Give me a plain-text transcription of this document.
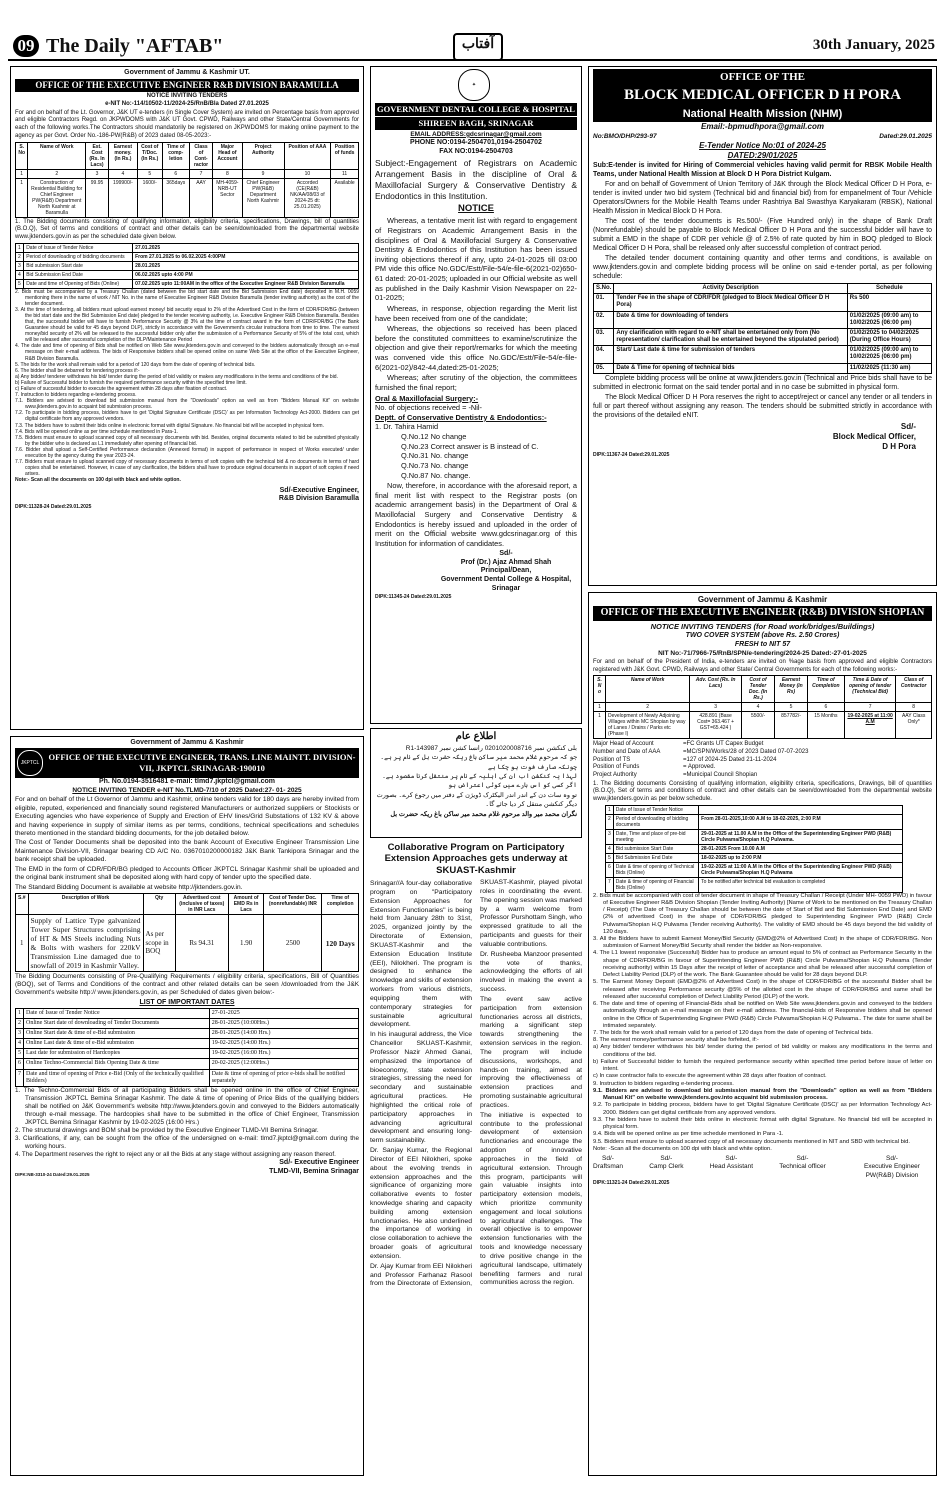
09 The Daily "AFTAB"	آفتاب	30th January, 2025
Government of Jammu & Kashmir UT.
OFFICE OF THE EXECUTIVE ENGINEER R&B DIVISION BARAMULLA
NOTICE INVITING TENDERS
e-NIT No:-114/10502-11/2024-25/RnB/Bla Dated 27.01.2025

For and on behalf of the Lt. Governor, J&K UT e-tenders (in Single Cover System) are invited on Percentage basis from approved and eligible Contractors Regd. on JKPWDOMS with J&K UT Govt. CPWD, Railways and other State/Central Governments for each of the following works.The Contractors should mandatorily be registered on JKPWDOMS for making online payment to the agency as per Govt. Order No.-186-PW(R&B) of 2023 dated 08-05-2023:-

S. No	Name of Work	Est. Cost (Rs. In Lacs)	Earnest money. (In Rs.)	Cost of T/Doc. (In Rs.)	Time of comp-letion	Class of Cont-ractor	Major Head of Account	Project Authority	Position of AAA	Position of funds
1	2	3	4	5	6	7	8	9	10	11
1	Construction of Residential Building for Chief Engineer PW(R&B) Department North Kashmir at Baramulla	99.95	199900/-	1600/-	365days	AAY	MH-4059-NRB-UT Sector	Chief Engineer PW(R&B) Department North Kashmir	Accorded (CE(R&B) NK/AA/08/03 of 2024-25 dt: 25.01.2025)	Available

1. The Bidding documents consisting of qualifying information, eligibility criteria, specifications, Drawings, bill of quantities (B.O.Q), Set of terms and conditions of contract and other details can be seen/downloaded from the departmental website www.jktenders.gov.in as per the scheduled date given below.

1	Date of Issue of Tender Notice	27.01.2025
2	Period of downloading of bidding documents	From 27.01.2025 to 06.02.2025 4:00PM
3	Bid submission Start date	28.01.2025
4	Bid Submission End Date	06.02.2025 upto 4:00 PM
5	Date and time of Opening of Bids (Online)	07.02.2025 upto 11:00AM in the office of the Executive Engineer R&B Division Baramulla
2. Bids must be accompanied by a Treasury Challan (dated between the bid start date and the Bid Submission End date) deposited in M.H. 0059 mentioning there in the name of work / NIT No. in the name of Executive Engineer R&B Division Baramulla (tender inviting authority) as the cost of the tender document.
3. At the time of tendering, all bidders must upload earnest money/ bid security equal to 2% of the Advertised Cost in the form of CDR/FDR/BG (between the bid start date and the Bid Submission End date) pledged to the tender receiving authority, i.e. Executive Engineer R&B Division Baramulla. Besides that, the successful bidder will have to furnish Performance Security @ 3% at the time of contract award in the form of CDR/FDR/BG (The Bank Guarantee should be valid for 45 days beyond DLP), strictly in accordance with the Government's circular instructions from time to time. The earnest money/bid security of 2% will be released to the successful bidder only after the submission of a Performance Security of 5% of the total cost, which will be released after successful completion of the DLP/Maintenance Period
4. The date and time of opening of Bids shall be notified on Web Site www.jktenders.gov.in and conveyed to the bidders automatically through an e-mail message on their e-mail address. The bids of Responsive bidders shall be opened online on same Web Site at the office of the Executive Engineer, R&B Division Baramulla.
5. The bids for the work shall remain valid for a period of 120 days from the date of opening of technical bids.
6. The bidder shall be debarred for tendering process if:-
a) Any bidder/ tenderer withdraws his bid/ tender during the period of bid validity or makes any modifications in the terms and conditions of the bid.
b) Failure of Successful bidder to furnish the required performance security within the specified time limit.
c) Failure of successful bidder to execute the agreement within 28 days after fixation of contract.
7. Instruction to bidders regarding e-tendering process.
7.1. Bidders are advised to download bid submission manual from the "Downloads" option as well as from "Bidders Manual Kit" on website www.jktenders.gov.in to acquaint bid submission process.
7.2. To participate in bidding process, bidders have to get 'Digital Signature Certificate (DSC)' as per Information Technology Act-2000. Bidders can get digital certificate from any approved vendors.
7.3. The bidders have to submit their bids online in electronic format with digital Signature. No financial bid will be accepted in physical form.
7.4. Bids will be opened online as per time schedule mentioned in Para-1.
7.5. Bidders must ensure to upload scanned copy of all necessary documents with bid. Besides, original documents related to bid be submitted physically by the bidder who is declared as L1 immediately after opening of financial bid.
7.6. Bidder shall upload a Self-Certified Performance declaration (Annexed format) in support of performance in respect of Works executed/ under execution by the agency during the year 2023-24.
7.7. Bidders must ensure to upload scanned copy of necessary documents in terms of soft copies with the technical bid & no documents in terms of hard copies shall be entertained. However, in case of any clarification, the bidders shall have to produce original documents in support of soft copies if need arises.
Note:- Scan all the documents on 100 dpi with black and white option.
Sd/-Executive Engineer,
R&B Division Baramulla
DIPK:11328-24 Dated:29.01.2025
Government of Jammu & Kashmir
JKPTCL
OFFICE OF THE EXECUTIVE ENGINEER, TRANS. LINE MAINTT. DIVISION-VII, JKPTCL SRINAGAR-190010
Ph. No.0194-3516481 e-mail: tlmd7.jkptcl@gmail.com
NOTICE INVITING TENDER e-NIT No.TLMD-7/10 of 2025 Dated:27- 01- 2025

For and on behalf of the Lt Governor of Jammu and Kashmir, online tenders valid for 180 days are hereby invited from eligible, reputed, experienced and financially sound registered Manufacturers or authorized suppliers or Stockists or Executing agencies who have experience of Supply and Erection of EHV lines/Grid Substations of 132 KV & above and having experience in supply of similar items as per terms, conditions, technical specifications and schedules thereto mentioned in the standard bidding documents, for the job detailed below.

The Cost of Tender Documents shall be deposited into the bank Account of Executive Engineer Transmission Line Maintenance Division-VII, Srinagar bearing CD A/C No. 0367010200000182 J&K Bank Tankipora Srinagar and the bank receipt shall be uploaded.

The EMD in the form of CDR/FDR/BG pledged to Accounts Officer JKPTCL Srinagar Kashmir shall be uploaded and the original bank instrument shall be deposited along with hard copy of tender upto the specified date.

The Standard Bidding Document is available at website http://jktenders.gov.in.

S.#	Description of Work	Qty	Advertised cost (inclusive of taxes) in INR Lacs	Amount of EMD Rs in Lacs	Cost of Tender Doc. (nonrefundable) INR	Time of completion
1	Supply of Lattice Type galvanized Tower Super Structures comprising of HT & MS Steels including Nuts & Bolts with washers for 220kV Transmission Line damaged due to snowfall of 2019 in Kashmir Valley.	As per scope in BOQ	Rs 94.31	1.90	2500	120 Days

The Bidding Documents consisting of Pre-Qualifying Requirements / eligibility criteria, specifications, Bill of Quantities (BOQ), set of Terms and Conditions of the contract and other related details can be seen /downloaded from the J&K Government's website http:// www.jktenders.gov.in, as per Scheduled of dates given below:-

LIST OF IMPORTANT DATES
1	Date of Issue of Tender Notice	27-01-2025
2	Online Start date of downloading of Tender Documents	28-01-2025 (10:00Hrs.)
3	Online Start date & time of e-Bid submission	28-01-2025 (14:00 Hrs.)
4	Online Last date & time of e-Bid submission	19-02-2025 (14:00 Hrs.)
5	Last date for submission of Hardcopies	19-02-2025 (16:00 Hrs.)
6	Online Techno-Commercial Bids Opening Date & time	20-02-2025 (12:00Hrs.)
7	Date and time of opening of Price e-Bid (Only of the technically qualified Bidders)	Date & time of opening of price e-bids shall be notified separately
1. The Techno-Commercial Bids of all participating Bidders shall be opened online in the office of Chief Engineer, Transmission JKPTCL Bemina Srinagar Kashmir. The date & time of opening of Price Bids of the qualifying bidders shall be notified on J&K Government's website http://www.jktenders.gov.in and conveyed to the Bidders automatically through e-mail message. The hardcopies shall have to be submitted in the office of Chief Engineer, Transmission JKPTCL Bemina Srinagar Kashmir by 19-02-2025 (16:00 Hrs.)
2. The structural drawings and BOM shall be provided by the Executive Engineer TLMD-VII Bemina Srinagar.
3. Clarifications, if any, can be sought from the office of the undersigned on e-mail: tlmd7.jkptcl@gmail.com during the working hours.
4. The Department reserves the right to reject any or all the Bids at any stage without assigning any reason thereof.
DIPK:NB-3310-24 Dated:29.01.2025
Sd/- Executive Engineer
TLMD-VII, Bemina Srinagar
✦
GOVERNMENT DENTAL COLLEGE & HOSPITAL
SHIREEN BAGH, SRINAGAR
EMAIL ADDRESS:gdcsrinagar@gmail.com
PHONE NO:0194-2504701,0194-2504702
FAX NO:0194-2504703

Subject:-Engagement of Registrars on Academic Arrangement Basis in the discipline of Oral & Maxillofacial Surgery & Conservative Dentistry & Endodontics in this Institution.

NOTICE

Whereas, a tentative merit list with regard to engagement of Registrars on Academic Arrangement Basis in the disciplines of Oral & Maxillofacial Surgery & Conservative Dentistry & Endodontics of this Institution has been issued inviting objections thereof if any, upto 24-01-2025 till 03:00 PM vide this office No.GDC/Estt/File-54/e-file-6(2021-02)650-61 dated: 20-01-2025; uploaded in our Official website as well as published in the Daily Kashmir Vision Newspaper on 22-01-2025;

Whereas, in response, objection regarding the Merit list have been received from one of the candidate;

Whereas, the objections so received has been placed before the constituted committees to examine/scrutinize the objection and give their report/remarks for which the meeting was convened vide this office No.GDC/Estt/File-54/e-file-6(2021-02)/842-44,dated:25-01-2025;

Whereas; after scrutiny of the objection, the committees furnished the final report;

Oral & Maxillofacial Surgery:-
No. of objections received = -Nil-
Deptt. of Conservative Dentistry & Endodontics:-
1. Dr. Tahira Hamid
Q.No.12 No change
Q.No.23 Correct answer is B instead of C.
Q.No.31 No. change
Q.No.73 No. change
Q.No.87 No. change.

Now, therefore, in accordance with the aforesaid report, a final merit list with respect to the Registrar posts (on academic arrangement basis) in the Department of Oral & Maxillofacial Surgery and Conservative Dentistry & Endodontics is hereby issued and uploaded in the order of merit on the Official website www.gdcsrinagar.org of this Institution for information of candidates.

Sd/-
Prof (Dr.) Ajaz Ahmad Shah
Principal/Dean,
Government Dental College & Hospital,
Srinagar
DIPK:11345-24 Dated:29.01.2025
اطلاع عام
بلی کنکشن نمبر 0201020008716 رانسا کشن نمبر 143987-R1
جو کہ مرحوم غلام محمد میر ساکن باغ ریکہ حضرت بل کے نام پر ہے۔ چونکہ صارف فوت ہو چکا ہے
لہذا یہ کنکشن اب ان کی اہلیہ کے نام پر منتقل کرنا مقصود ہے۔ اگر کسی کو اس بارے میں کوئی اعتراض ہو
تو وہ سات دن کے اندر اندر الیکٹرک ڈویژن کے دفتر میں رجوع کرے۔ بصورت دیگر کنکشن منتقل کر دیا جائے گا۔
نگران محمد میر والد مرحوم غلام محمد میر ساکن باغ ریکہ حضرت بل
Collaborative Program on Participatory Extension Approaches gets underway at SKUAST-Kashmir

Srinagar//A four-day collaborative program on "Participatory Extension Approaches for Extension Functionaries" is being held from January 28th to 31st, 2025, organized jointly by the Directorate of Extension, SKUAST-Kashmir and the Extension Education Institute (EEI), Nilokheri. The program is designed to enhance the knowledge and skills of extension workers from various districts, equipping them with contemporary strategies for sustainable agricultural development.

In his inaugural address, the Vice Chancellor SKUAST-Kashmir, Professor Nazir Ahmed Ganai, emphasized the importance of bioeconomy, state extension strategies, stressing the need for secondary and sustainable agricultural practices. He highlighted the critical role of participatory approaches in advancing agricultural development and ensuring long-term sustainability.

Dr. Sanjay Kumar, the Regional Director of EEI Nilokheri, spoke about the evolving trends in extension approaches and the significance of organizing more collaborative events to foster knowledge sharing and capacity building among extension functionaries. He also underlined the importance of working in close collaboration to achieve the broader goals of agricultural extension.

Dr. Ajay Kumar from EEI Nilokheri and Professor Farhanaz Rasool from the Directorate of Extension, SKUAST-Kashmir, played pivotal roles in coordinating the event. The opening session was marked by a warm welcome from Professor Purshottam Singh, who expressed gratitude to all the participants and guests for their valuable contributions.

Dr. Rusheeba Manzoor presented the vote of thanks, acknowledging the efforts of all involved in making the event a success.

The event saw active participation from extension functionaries across all districts, marking a significant step towards strengthening the extension services in the region. The program will include discussions, workshops, and hands-on training, aimed at improving the effectiveness of extension practices and promoting sustainable agricultural practices.

The initiative is expected to contribute to the professional development of extension functionaries and encourage the adoption of innovative approaches in the field of agricultural extension. Through this program, participants will gain valuable insights into participatory extension models, which prioritize community engagement and local solutions to agricultural challenges. The overall objective is to empower extension functionaries with the tools and knowledge necessary to drive positive change in the agricultural landscape, ultimately benefiting farmers and rural communities across the region.

OFFICE OF THE
BLOCK MEDICAL OFFICER D H PORA
National Health Mission (NHM)
Email:-bpmudhpora@gmail.com
No:BMO/DHP/293-97	Dated:29.01.2025
E-Tender Notice No:01 of 2024-25
DATED:29/01/2025

Sub:E-tender is invited for Hiring of Commercial vehicles having valid permit for RBSK Mobile Health Teams, under National Health Mission at Block D H Pora District Kulgam.

For and on behalf of Government of Union Territory of J&K through the Block Medical Officer D H Pora, e-tender is invited under two bid system (Technical bid and financial bid) from for empanelment of Tour /Vehicle Operators/Owners for the Mobile Health Teams under Rashtriya Bal Swasthya Karyakaram (RBSK), National Health Mission in Medical Block D H Pora.

The cost of the tender documents is Rs.500/- (Five Hundred only) in the shape of Bank Draft (Nonrefundable) should be payable to Block Medical Officer D H Pora and the successful bidder will have to submit a EMD in the shape of CDR per vehicle @ of 2.5% of rate quoted by him in BOQ pledged to Block Medical Officer D H Pora, shall be released only after successful completion of contract period.

The detailed tender document containing quantity and other terms and conditions, is available on www.jktenders.gov.in and complete bidding process will be online on said e-tender portal, as per following schedule:

S.No.	Activity Description	Schedule
01.	Tender Fee in the shape of CDR/FDR (pledged to Block Medical Officer D H Pora)	Rs 500
02.	Date & time for downloading of tenders	01/02/2025 (09:00 am) to 10/02/2025 (06:00 pm)
03.	Any clarification with regard to e-NIT shall be entertained only from (No representation/ clarification shall be entertained beyond the stipulated period)	01/02/2025 to 04/02/2025 (During Office Hours)
04.	Start/ Last date & time for submission of tenders	01/02/2025 (09:00 am) to 10/02/2025 (06:00 pm)
05.	Date & Time for opening of technical bids	11/02/2025 (11:30 am)

Complete bidding process will be online at www.jktenders.gov.in (Technical and Price bids shall have to be submitted in electronic format on the said tender portal and in no case be submitted in physical form.

The Block Medical Officer D H Pora reserves the right to accept/reject or cancel any tender or all tenders in full or part thereof without assigning any reason. The tenders should be submitted strictly in accordance with the provisions of the detailed eNIT.

Sd/-
Block Medical Officer,
D H Pora
DIPK:11367-24 Dated:29.01.2025
Government of Jammu & Kashmir
OFFICE OF THE EXECUTIVE ENGINEER (R&B) DIVISION SHOPIAN
NOTICE INVITING TENDERS (for Road work/bridges/Buildings)
TWO COVER SYSTEM (above Rs. 2.50 Crores)
FRESH to NIT 57
NIT No:-71/7966-75/RnB/SPN/e-tendering/2024-25 Dated:-27-01-2025

For and on behalf of the President of India, e-tenders are invited on %age basis from approved and eligible Contractors registered with J&K Govt. CPWD, Railways and other State/ Central Governments for each of the following works:-

S. N o	Name of Work	Adv. Cost (Rs. In Lacs)	Cost of Tender Doc. (In Rs.)	Earnest Money (in Rs)	Time of Completion	Time & Date of opening of tender (Technical Bid)	Class of Contractor
1	2	3	4	5	6	7	8
1	Development of Newly Adjoining Villages within MC Shopian by way of Lanes / Drains / Parks etc (Phase I)	428.891 (Base Cost= 363.467 + GST=65.424 )	5500/-	857782/-	15 Months	19-02-2025 at 11:00 A.M	AAY Class Only*
Major Head of Account	=FC Grants UT Capex Budget
Number and Date of AAA	=MC/SPN/Works/28 of 2023 Dated 07-07-2023
Position of TS	=127 of 2024-25 Dated 21-11-2024
Position of Funds	= Approved.
Project Authority	=Municipal Council Shopian

1. The Bidding documents Consisting of qualifying information, eligibility criteria, specifications, Drawings, bill of quantities (B.O.Q), Set of terms and conditions of contract and other details can be seen/downloaded from the departmental website www.jktenders.gov.in as per below schedule.

1	Date of Issue of Tender Notice	
2	Period of downloading of bidding documents	From 28-01-2025,10:00 A.M to 18-02-2025, 2:00 P.M
3	Date, Time and place of pre-bid meeting	29-01-2025 at 11.00 A.M in the Office of the Superintending Engineer PWD (R&B) Circle Pulwama/Shopian H.Q Pulwama.
4	Bid submission Start Date	28-01-2025 From 10.00 A.M
5	Bid Submission End Date	18-02-2025 up to 2:00 P.M
6	Date & time of opening of Technical Bids (Online)	19-02-2025 at 11:00 A.M in the Office of the Superintending Engineer PWD (R&B) Circle Pulwama/Shopian H.Q Pulwama
7	Date & time of opening of Financial Bids (Online)	To be notified after technical bid evaluation is completed
2. Bids must be accompanied with cost of tender document in shape of Treasury Challan / Receipt (Under MH- 0059 PWD) in favour of Executive Engineer R&B Division Shopian (Tender Inviting Authority) [Name of Work to be mentioned on the Treasury Challan / Receipt) (The Date of Treasury Challan should be between the date of Start of Bid and Bid Submission End Date) and EMD (2% of advertised Cost) in the shape of CDR/FDR/BG pledged to Superintending Engineer PWD (R&B) Circle Pulwama/Shopian H.Q Pulwama (Tender receiving Authority). The validity of EMD should be 45 days beyond the bid validity of 120 days.
3. All the Bidders have to submit Earnest Money/Bid Security (EMD@2% of Advertised Cost) in the shape of CDR/FDR/BG. Non submission of Earnest Money/Bid Security shall render the bidder as Non-responsive.
4. The L1 lowest responsive (Successful) Bidder has to produce an amount equal to 5% of contract as Performance Security in the shape of CDR/FDR/BG in favour of Superintending Engineer PWD (R&B) Circle Pulwama/Shopian H.Q Pulwama (Tender receiving authority) within 15 Days after the receipt of letter of acceptance and shall be released after successful completion of Defect Liability Period (DLP) of the work. The Bank Guarantee should be valid for 28 days beyond DLP.
5. The Earnest Money Deposit (EMD@2% of Advertised Cost) in the shape of CDR/FDR/BG of the successful Bidder shall be released after receiving Performance security @5% of the allotted cost in the shape of CDR/FDR/BG and same shall be released after successful completion of Defect Liability Period (DLP) of the work.
6. The date and time of opening of Financial-Bids shall be notified on Web Site www.jktenders.gov.in and conveyed to the bidders automatically through an e-mail message on their e-mail address. The financial-bids of Responsive bidders shall be opened online in the Office of Superintending Engineer PWD (R&B) Circle Pulwama/Shopian H.Q Pulwama.. The date for same shall be intimated separately.
7. The bids for the work shall remain valid for a period of 120 days from the date of opening of Technical bids.
8. The earnest money/performance security shall be forfeited, if:-
a) Any bidder/ tenderer withdraws his bid/ tender during the period of bid validity or makes any modifications in the terms and conditions of the bid.
b) Failure of Successful bidder to furnish the required performance security within specified time period before issue of letter on intent.
c) In case contractor fails to execute the agreement within 28 days after fixation of contract.
9. Instruction to bidders regarding e-tendering process.
9.1. Bidders are advised to download bid submission manual from the "Downloads" option as well as from "Bidders Manual Kit" on website www.jktenders.gov.into acquaint bid submission process.
9.2. To participate in bidding process, bidders have to get 'Digital Signature Certificate (DSC)' as per Information Technology Act-2000. Bidders can get digital certificate from any approved vendors.
9.3. The bidders have to submit their bids online in electronic format with digital Signature. No financial bid will be accepted in physical form.
9.4. Bids will be opened online as per time schedule mentioned in Para -1.
9.5. Bidders must ensure to upload scanned copy of all necessary documents mentioned in NIT and SBD with technical bid.
Note: -Scan all the documents on 100 dpi with black and white option.
Sd/-
Draftsman
Sd/-
Camp Clerk
Sd/-
Head Assistant
Sd/-
Technical officer
Sd/-
Executive Engineer PW(R&B) Division
DIPK:11321-24 Dated:29.01.2025
